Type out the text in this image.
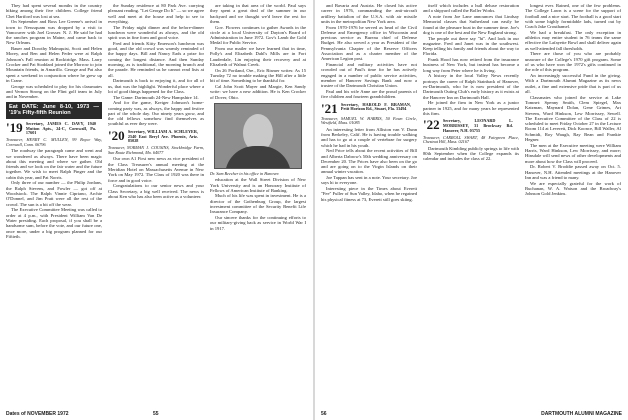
They had spent several months in the country hiking among their five children. College friend Chet Hartford was lost at sea.

On September and Ross Lee Greene's arrival in town to Nesssquam was dropped by a visit to Vancouver with Joel Grosser. N. J. He said he had the ranches program in Maine, and came back to New Orleans.

Bauer and Dorothy Malmquist, Scott and Helen Morey, and Ben and Helen Feder were at Ralph Johnson's Fall reunion at Rocktridge. Mass. Larry Crocker and Pat Stoddard joined the Morrow to join Mountain friends, in Amarillo. George and Pat also spent a weekend in conjunction where he grew up in Crane.

George was scheduled to play for his classmates and Vernon Strong on the Flint golf team in July and in November.

Eat DATE: June 8-10, 1973 — '19's Fifty-fifth Reunion
'19 Secretary, JAMES C. DAVY, 1940 Mutton Apts., 24-C, Cornwall, Pa. 17601

Treasurer, HENRY C. MULLEN, 99 Boyce Way, Cornwall, Conn. 06796

The roadway the paragraph came and went and we wondered as always. There have been magic about this meeting and where we gather. Old friends and we look on the fair water and the future together. We wish to meet Ralph Pinger and the cabin this year, and Pat Norris.

Only three of our number — the Philip Jordans, the Ralph Stevens, and Fowler — got off at Woodstock. The Ralph Vinnie Cipriano, Archie O'Donnel, and Jim Pratt were all the rest of the crowd. The sun is a bit off the wear.

The Executive Committee Meeting was called to order at 4 p.m., with President William Van De Water presiding. Each proposal, if you shall be a handsome sum, before the vote, and our future one, once more, under a big program planned for our Fiftieth.

the Sunday residence at 80 Park Ave. carrying pleasant reading. "Let George Do It" — so we agree well and meet at the house and help to see to everything.

The Friday night dinner and the before-dinner luncheon were wonderful as always, and the old spirit was in fine form and good voice.

Fred and friends Kitty Emerson's luncheon was good, and the old crowd was warmly reminded of the happy days. Bill and Nancy Eads a prize for coming the longest distance. And then Sunday morning, as is traditional, the morning brunch and the parade. He reminded us he cannot read lists at all.

Dartmouth is back to enjoying it, and for all of us, that was the highlight. Wonderful place where a lot of good things happened for the Class.

The Game: Dartmouth 24-New Hampshire 14.

And for the game, Kreiger Johnson's home-coming party was, as always, the happy and festive part of the whole day. Our ninety years grow, and the old fellows somehow find themselves as youthful as ever they were.

'20 Secretary, WILLIAM A. SCHLEYER, 2540 East Beryl Ave. Phoenix, Ariz. 85028

Treasurer, NORMAN J. COUSINS, Stockbridge Farm, Sun Route Richmond, Mo. 64077

Our own A1 First new news as vice president of the Class Treasurer's annual meeting at the Meridian Hotel on Massachusetts Avenue in New York on May 1972. The Class of 1920 was there in force and in good voice.

Congratulations to our senior news and your Class Secretary, a big well received. The news is about Ken who has also been active as a volunteer.

are taking in that area of the world. Paul says they spent a great deal of the summer in our backyard and we thought we'd leave the rest for them.

Gov. Flowers continues to gather Awards in the circle at a local University of Dayton's Board of Administration in June 1972. Gov's Lamb the Gold Medal for Public Service.

From our mailer we have learned that in time, Polly's and Elizabeth Dahl's Mills are in Fort Lauderdale, Lin enjoying their recovery and at Elizabeth of Walnut Creek.

On 26 Portland, Ore., Eric Rismer writes: As 15 Tursday 72 no trouble making the Hill after a little bit of time. Something to be thankful for.

Cal John Scott Mayer and Margie, Ken Sandy write: we have a new addition. He is Ken Crocker of Dover, Ohio.

Dr. Sam Beecher in his office in Hanover.

education at the Wall Street Division of New York University and is an Honorary Institute of Fellows of American Institute of Banking.

Much of his life was spent in investment. He is a director of the Gothenburg Group, the largest investment committee of the Security Benefit Life Insurance Company.

Our sincere thanks for the continuing efforts to our military-giving back as service in World War I in 1917.

Dates of NOVEMBER 1972	55

and Bavaria and Austria. He closed his active career in 1976, commanding the anti-aircraft artillery battalion of the U.S.A. with air missile units in the metropolitan New York area.

From 1970-1976 he served as head of the Civil Defense and Emergency office in Wisconsin and previous service as Bureau chief of Defense Budget. He also served a year as President of the Pennsylvania Chapter of the Reserve Officers Association and as a charter member of the American Legion post.

Financial and military activities have not crowded out of Paul's time for he has actively engaged in a number of public service activities, member of Hanover Savings Bank and now a trustee of the Dartmouth Christian Union.

Paul and his wife Anne are the proud parents of five children and fourteen grandchildren.

'21 Secretary, HAROLD F. BRAMAN, Petit Horizon Rd., Stuart, Fla. 33494

Treasurer, SAMUEL W. HARRIS, 50 Fawn Circle, Westfield, Mass. 01085

An interesting letter from Alliston van V. Dunn from Berkeley, Calif. He is having trouble walking and has to go at a couple of vertebrae for surgery which he had in his youth.

Ned Price tells about the recent activities of Bill and Alberta Dabrow's 50th wedding anniversary on December 20. The Prices have also been on the go and are going on to the Virgin Islands on their annual winter vacation.

Joe Tappan has sent in a note. Your secretary. Joe says hi to everyone.

Interesting piece in the Times about Everett "Fee" Fuller of Sun Valley, Idaho, when he regained his physical fitness at 73, Everett still goes skiing.

itself which includes a hull deluxe restoration and a shipyard called the Boller Works.

A note from Joe Lane announces that Lindsay Memorial classes that Sutherland can easily be found at the pleasure boat in the summer time. Joe's dog is one of the best and the New England strong.

The people out there say "hi". And look in our magazine. Fred and Janet was in the southwest. Keep telling his family and friends about the way to Florida.

Frank Hood has now retired from the insurance business of New York, but instead has become a long way from Peter where he is living.

A history in the local Valley News recently portrays the career of Ralph Stainback of Hanover, ex-Dartmouth, who he is now president of the Dartmouth Outing Club's early history as it exists at the Hanover Inn on Dartmouth Hall.

He joined the firm in New York as a junior partner in 1925, and for many years he represented this firm.

'22 Secretary, LEONARD L. MORRISSEY, 31 Brockway Rd. Hanover, N.H. 03755

Treasurer, CARROLL SWART, 48 Fairgreen Place, Chestnut Hill, Mass. 02167

Dartmouth Kimbling publicly springs to life with 80th September when the College expands its calendar and includes the class of 22.

longest ever. Rained, one of the few problems. The College Lawn is a scene for the support of football and a nice start. The football is a good start with some highly formidable lads, turned out by Coach Jake Crouthamel.

We had a breakfast. The only exception in athletics may entire student in 76 teams the same effective the Lafayette Bowl and shall deliver again as well-attended fall thresholds.

There are those of you who are probably unaware of the College's 1970 gift program. Some of us who have won the 1972's gifts continued in the role of this program.

An increasingly successful Fund in the giving. With a Dartmouth Alumni Magazine as its news outlet, a fine and extensive pride that is part of us all.

Classmates who joined the service at Lake Tomnet: Spenny Smith, Clem Spiegel, Max Katzman, Maynard Dolan, Gene Grimes, Art Stevens, Ward Hinkson, Lew Morrissey, Sewell. The Executive Committee of the Class of 22 is scheduled to meet Friday October 27 in the Lecture Room 114 at Leverett, Dick Koonce, Bill Waller, Al Schmidt, Roy Waugh, Ray Bean and Frankie Hegner.

The men at the Executive meeting were William Harris, Ward Hinkson, Lew Morrissey, and more; Hinsdale will send news of other developments and more about how the Class will proceed.

Dr. Robert V. Broddie passed away on Oct. 5. Hanover, N.H. Attended meetings at the Hanover Inn and was a friend to many.

We are especially grateful for the work of Buchanan, W. A. Watson and the Broadway's Johnson Gold Jenkins.

56	DARTMOUTH ALUMNI MAGAZINE
